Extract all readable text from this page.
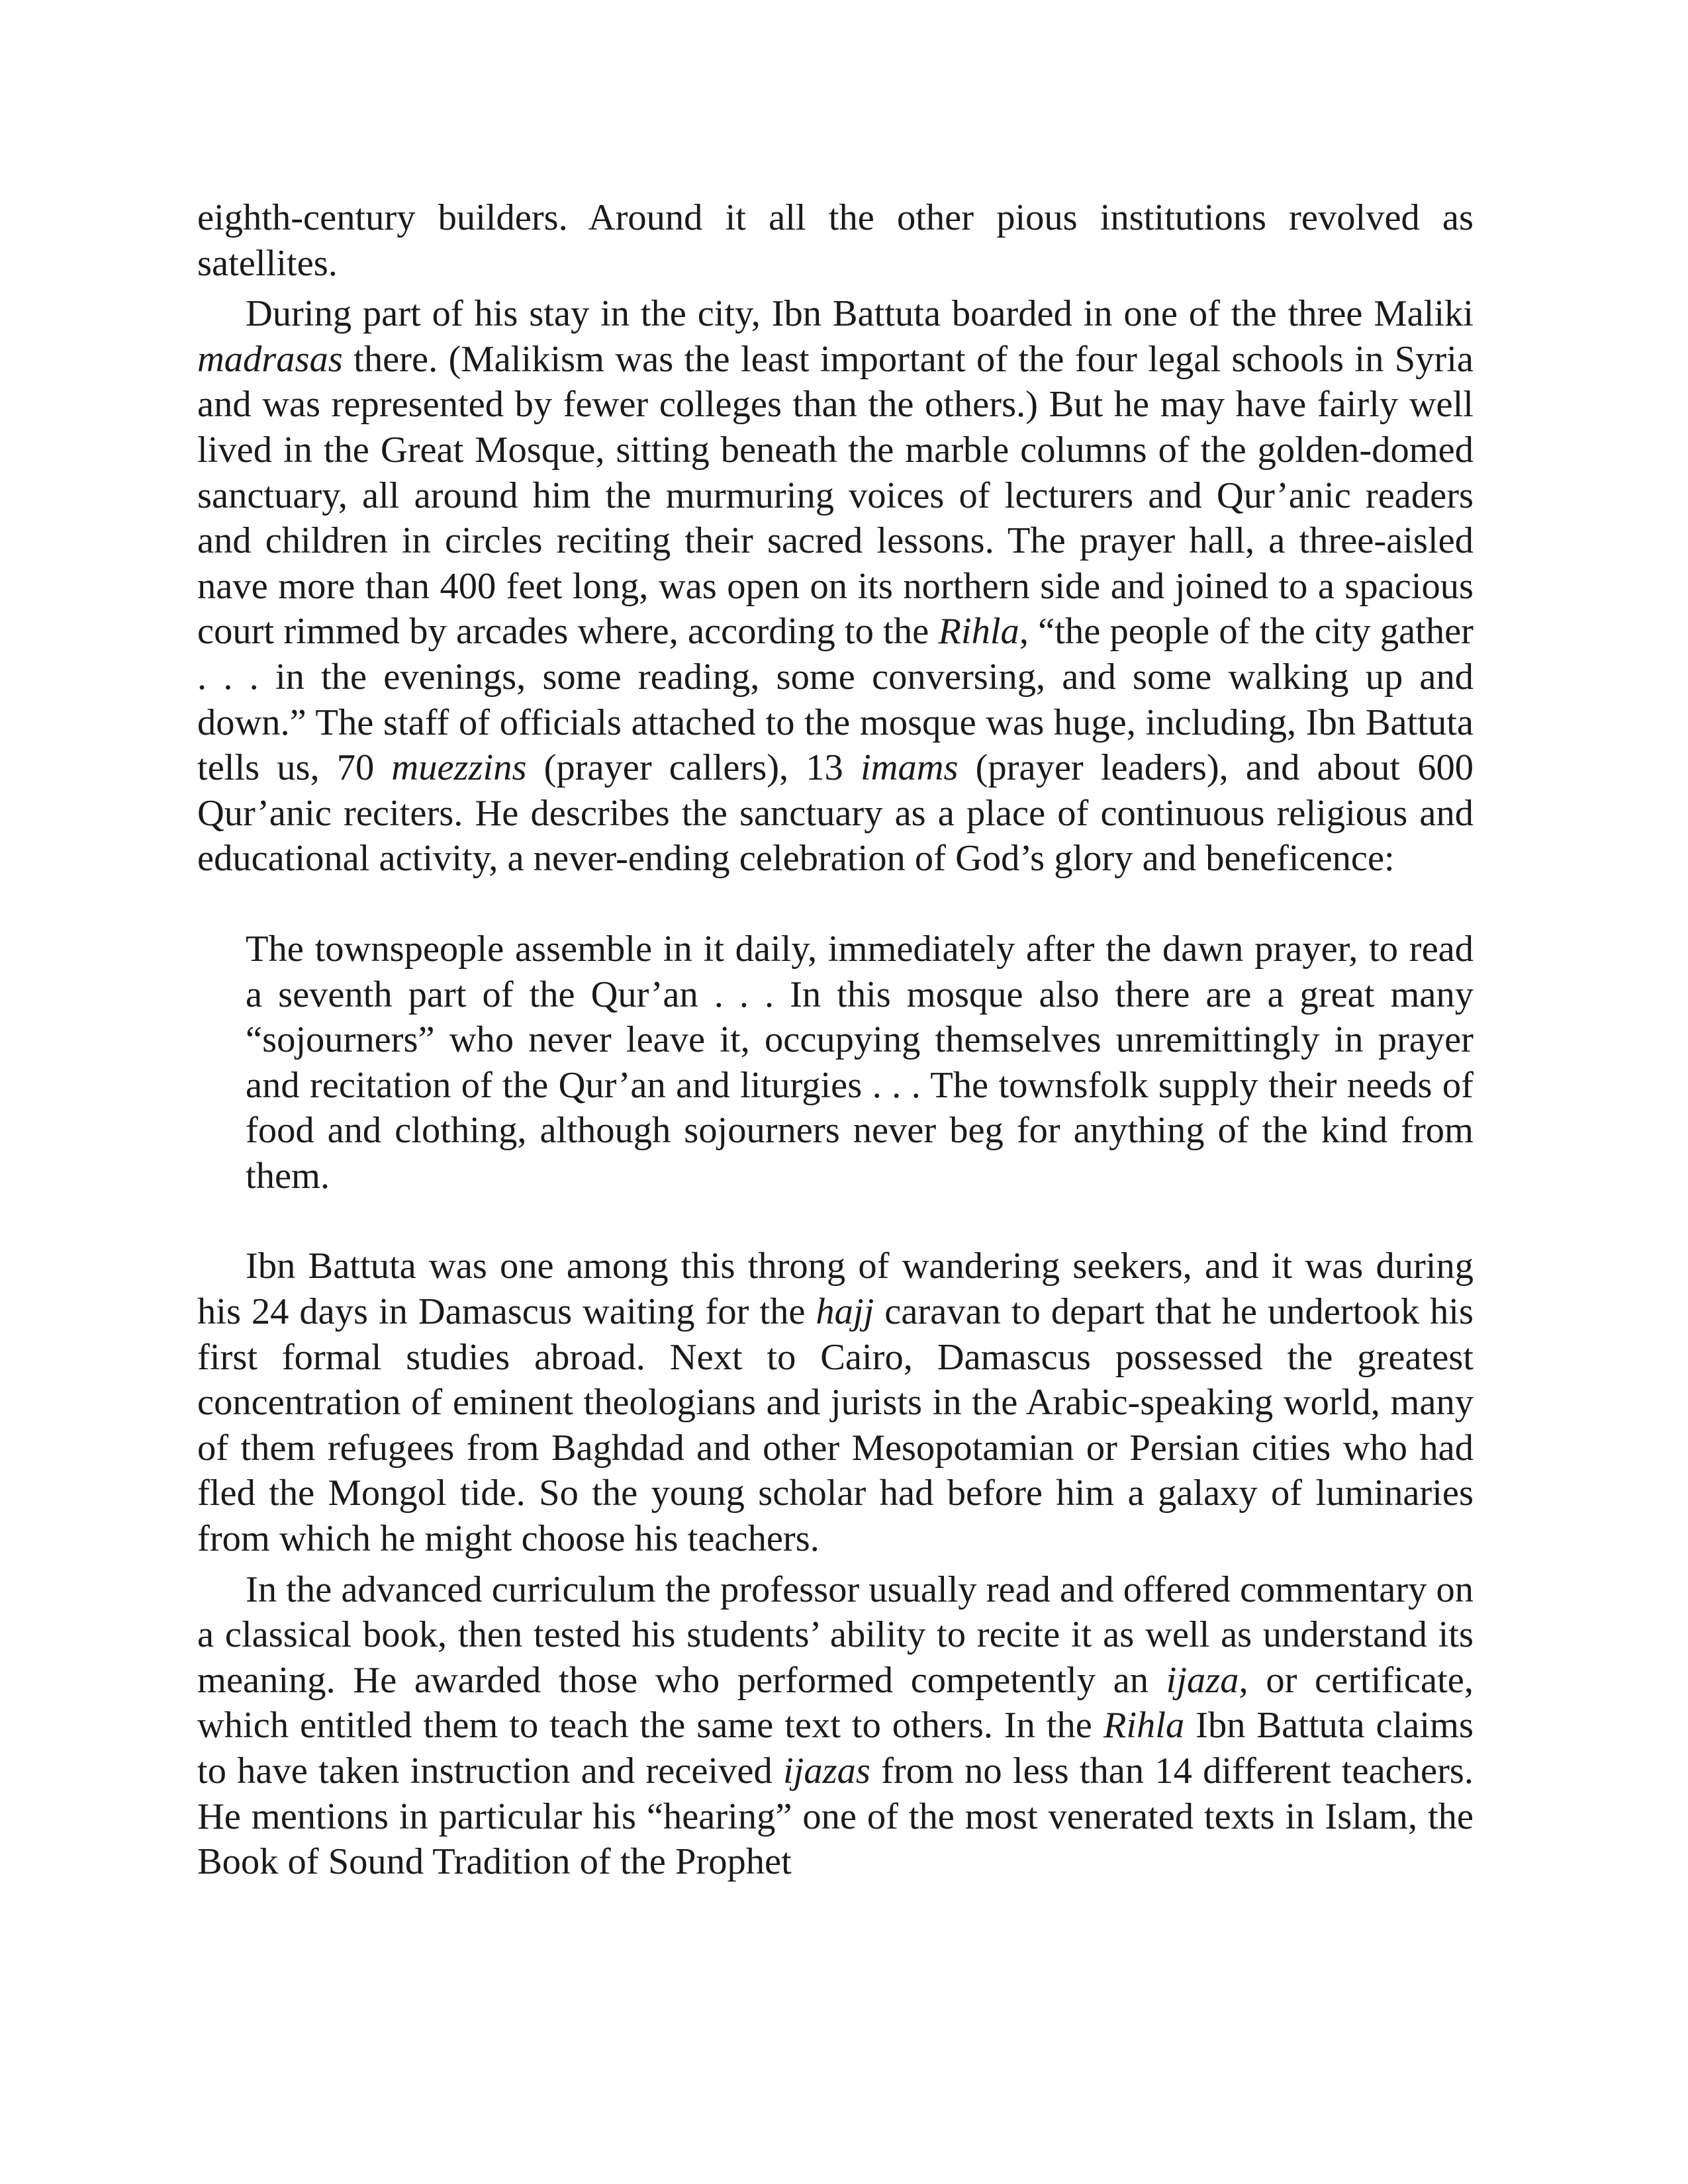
eighth-century builders. Around it all the other pious institutions revolved as satellites.

During part of his stay in the city, Ibn Battuta boarded in one of the three Maliki madrasas there. (Malikism was the least important of the four legal schools in Syria and was represented by fewer colleges than the others.) But he may have fairly well lived in the Great Mosque, sitting beneath the marble columns of the golden-domed sanctuary, all around him the murmuring voices of lecturers and Qur’anic readers and children in circles reciting their sacred lessons. The prayer hall, a three-aisled nave more than 400 feet long, was open on its northern side and joined to a spacious court rimmed by arcades where, according to the Rihla, “the people of the city gather . . . in the evenings, some reading, some conversing, and some walking up and down.” The staff of officials attached to the mosque was huge, including, Ibn Battuta tells us, 70 muezzins (prayer callers), 13 imams (prayer leaders), and about 600 Qur’anic reciters. He describes the sanctuary as a place of continuous religious and educational activity, a never-ending celebration of God’s glory and beneficence:

The townspeople assemble in it daily, immediately after the dawn prayer, to read a seventh part of the Qur’an . . . In this mosque also there are a great many “sojourners” who never leave it, occupying themselves unremittingly in prayer and recitation of the Qur’an and liturgies . . . The townsfolk supply their needs of food and clothing, although sojourners never beg for anything of the kind from them.

Ibn Battuta was one among this throng of wandering seekers, and it was during his 24 days in Damascus waiting for the hajj caravan to depart that he undertook his first formal studies abroad. Next to Cairo, Damascus possessed the greatest concentration of eminent theologians and jurists in the Arabic-speaking world, many of them refugees from Baghdad and other Mesopotamian or Persian cities who had fled the Mongol tide. So the young scholar had before him a galaxy of luminaries from which he might choose his teachers.

In the advanced curriculum the professor usually read and offered commentary on a classical book, then tested his students’ ability to recite it as well as understand its meaning. He awarded those who performed competently an ijaza, or certificate, which entitled them to teach the same text to others. In the Rihla Ibn Battuta claims to have taken instruction and received ijazas from no less than 14 different teachers. He mentions in particular his “hearing” one of the most venerated texts in Islam, the Book of Sound Tradition of the Prophet
